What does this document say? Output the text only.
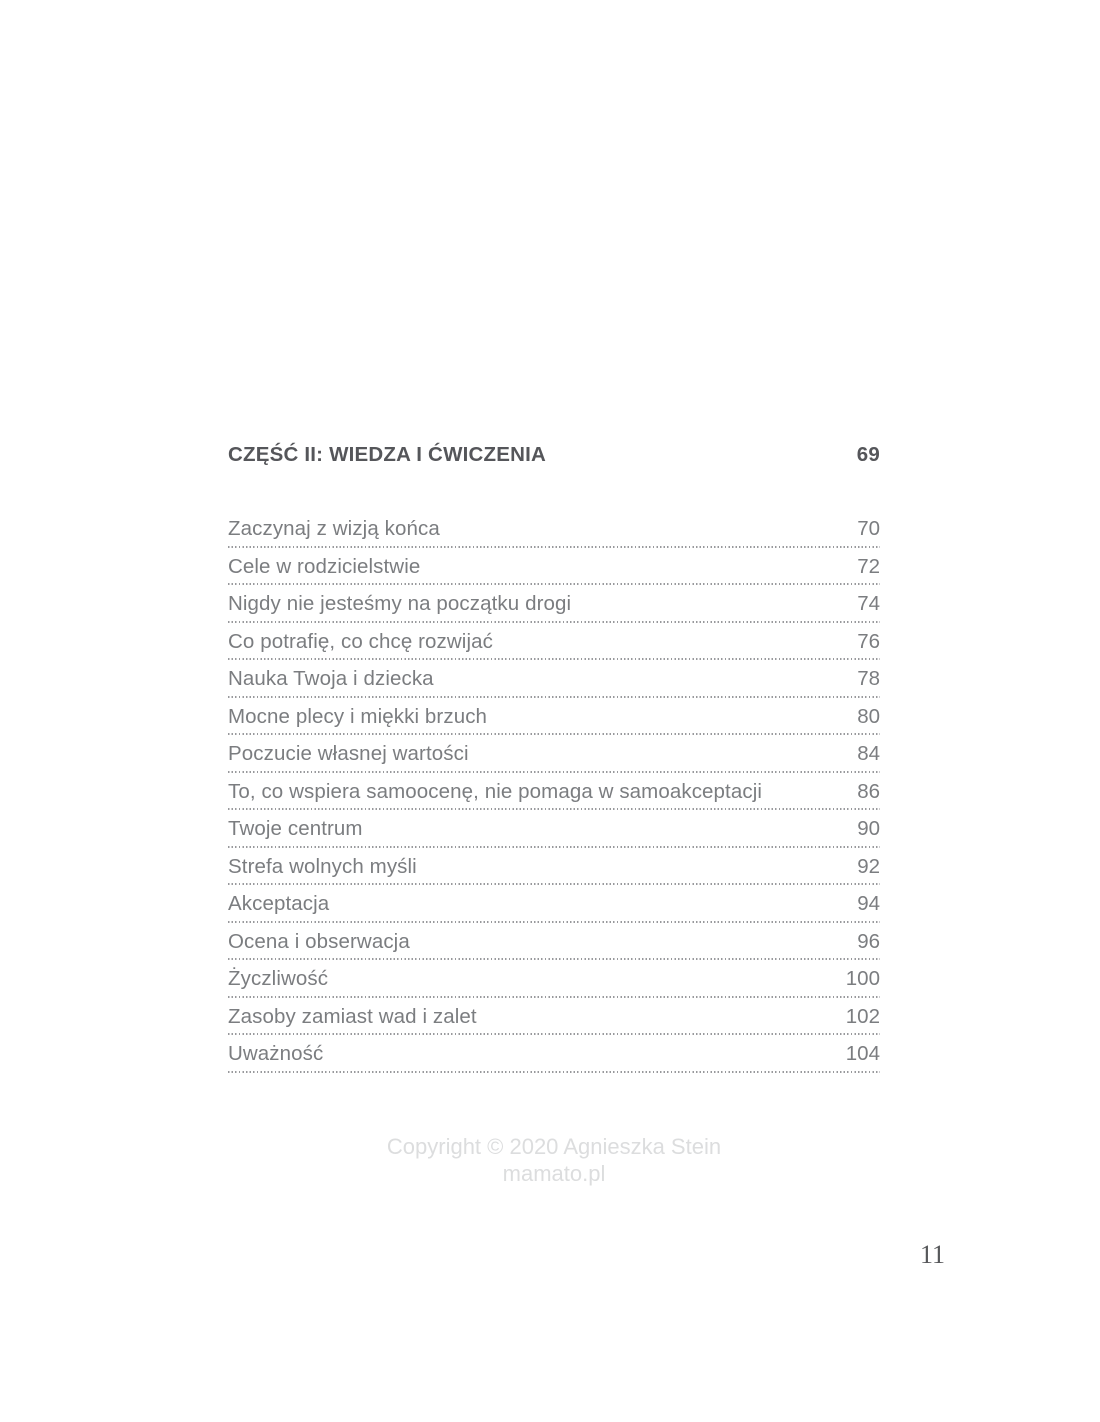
CZĘŚĆ II: WIEDZA I ĆWICZENIA	69
Zaczynaj z wizją końca	70
Cele w rodzicielstwie	72
Nigdy nie jesteśmy na początku drogi	74
Co potrafię, co chcę rozwijać	76
Nauka Twoja i dziecka	78
Mocne plecy i miękki brzuch	80
Poczucie własnej wartości	84
To, co wspiera samoocenę, nie pomaga w samoakceptacji	86
Twoje centrum	90
Strefa wolnych myśli	92
Akceptacja	94
Ocena i obserwacja	96
Życzliwość	100
Zasoby zamiast wad i zalet	102
Uważność	104
Copyright © 2020 Agnieszka Stein
mamato.pl
11
